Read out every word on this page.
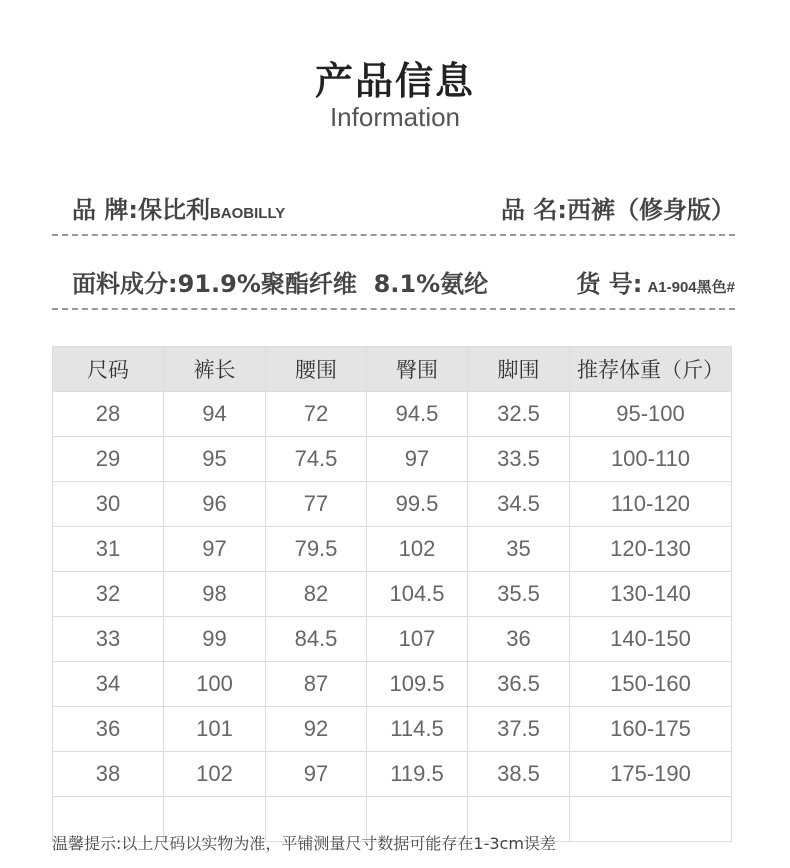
产品信息
Information
品 牌:保比利BAOBILLY	品 名:西裤（修身版）
面料成分:91.9%聚酯纤维  8.1%氨纶	货 号: A1-904黑色#
尺码	裤长	腰围	臀围	脚围	推荐体重（斤）
28	94	72	94.5	32.5	95-100
29	95	74.5	97	33.5	100-110
30	96	77	99.5	34.5	110-120
31	97	79.5	102	35	120-130
32	98	82	104.5	35.5	130-140
33	99	84.5	107	36	140-150
34	100	87	109.5	36.5	150-160
36	101	92	114.5	37.5	160-175
38	102	97	119.5	38.5	175-190

温馨提示:以上尺码以实物为准，平铺测量尺寸数据可能存在1-3cm误差
